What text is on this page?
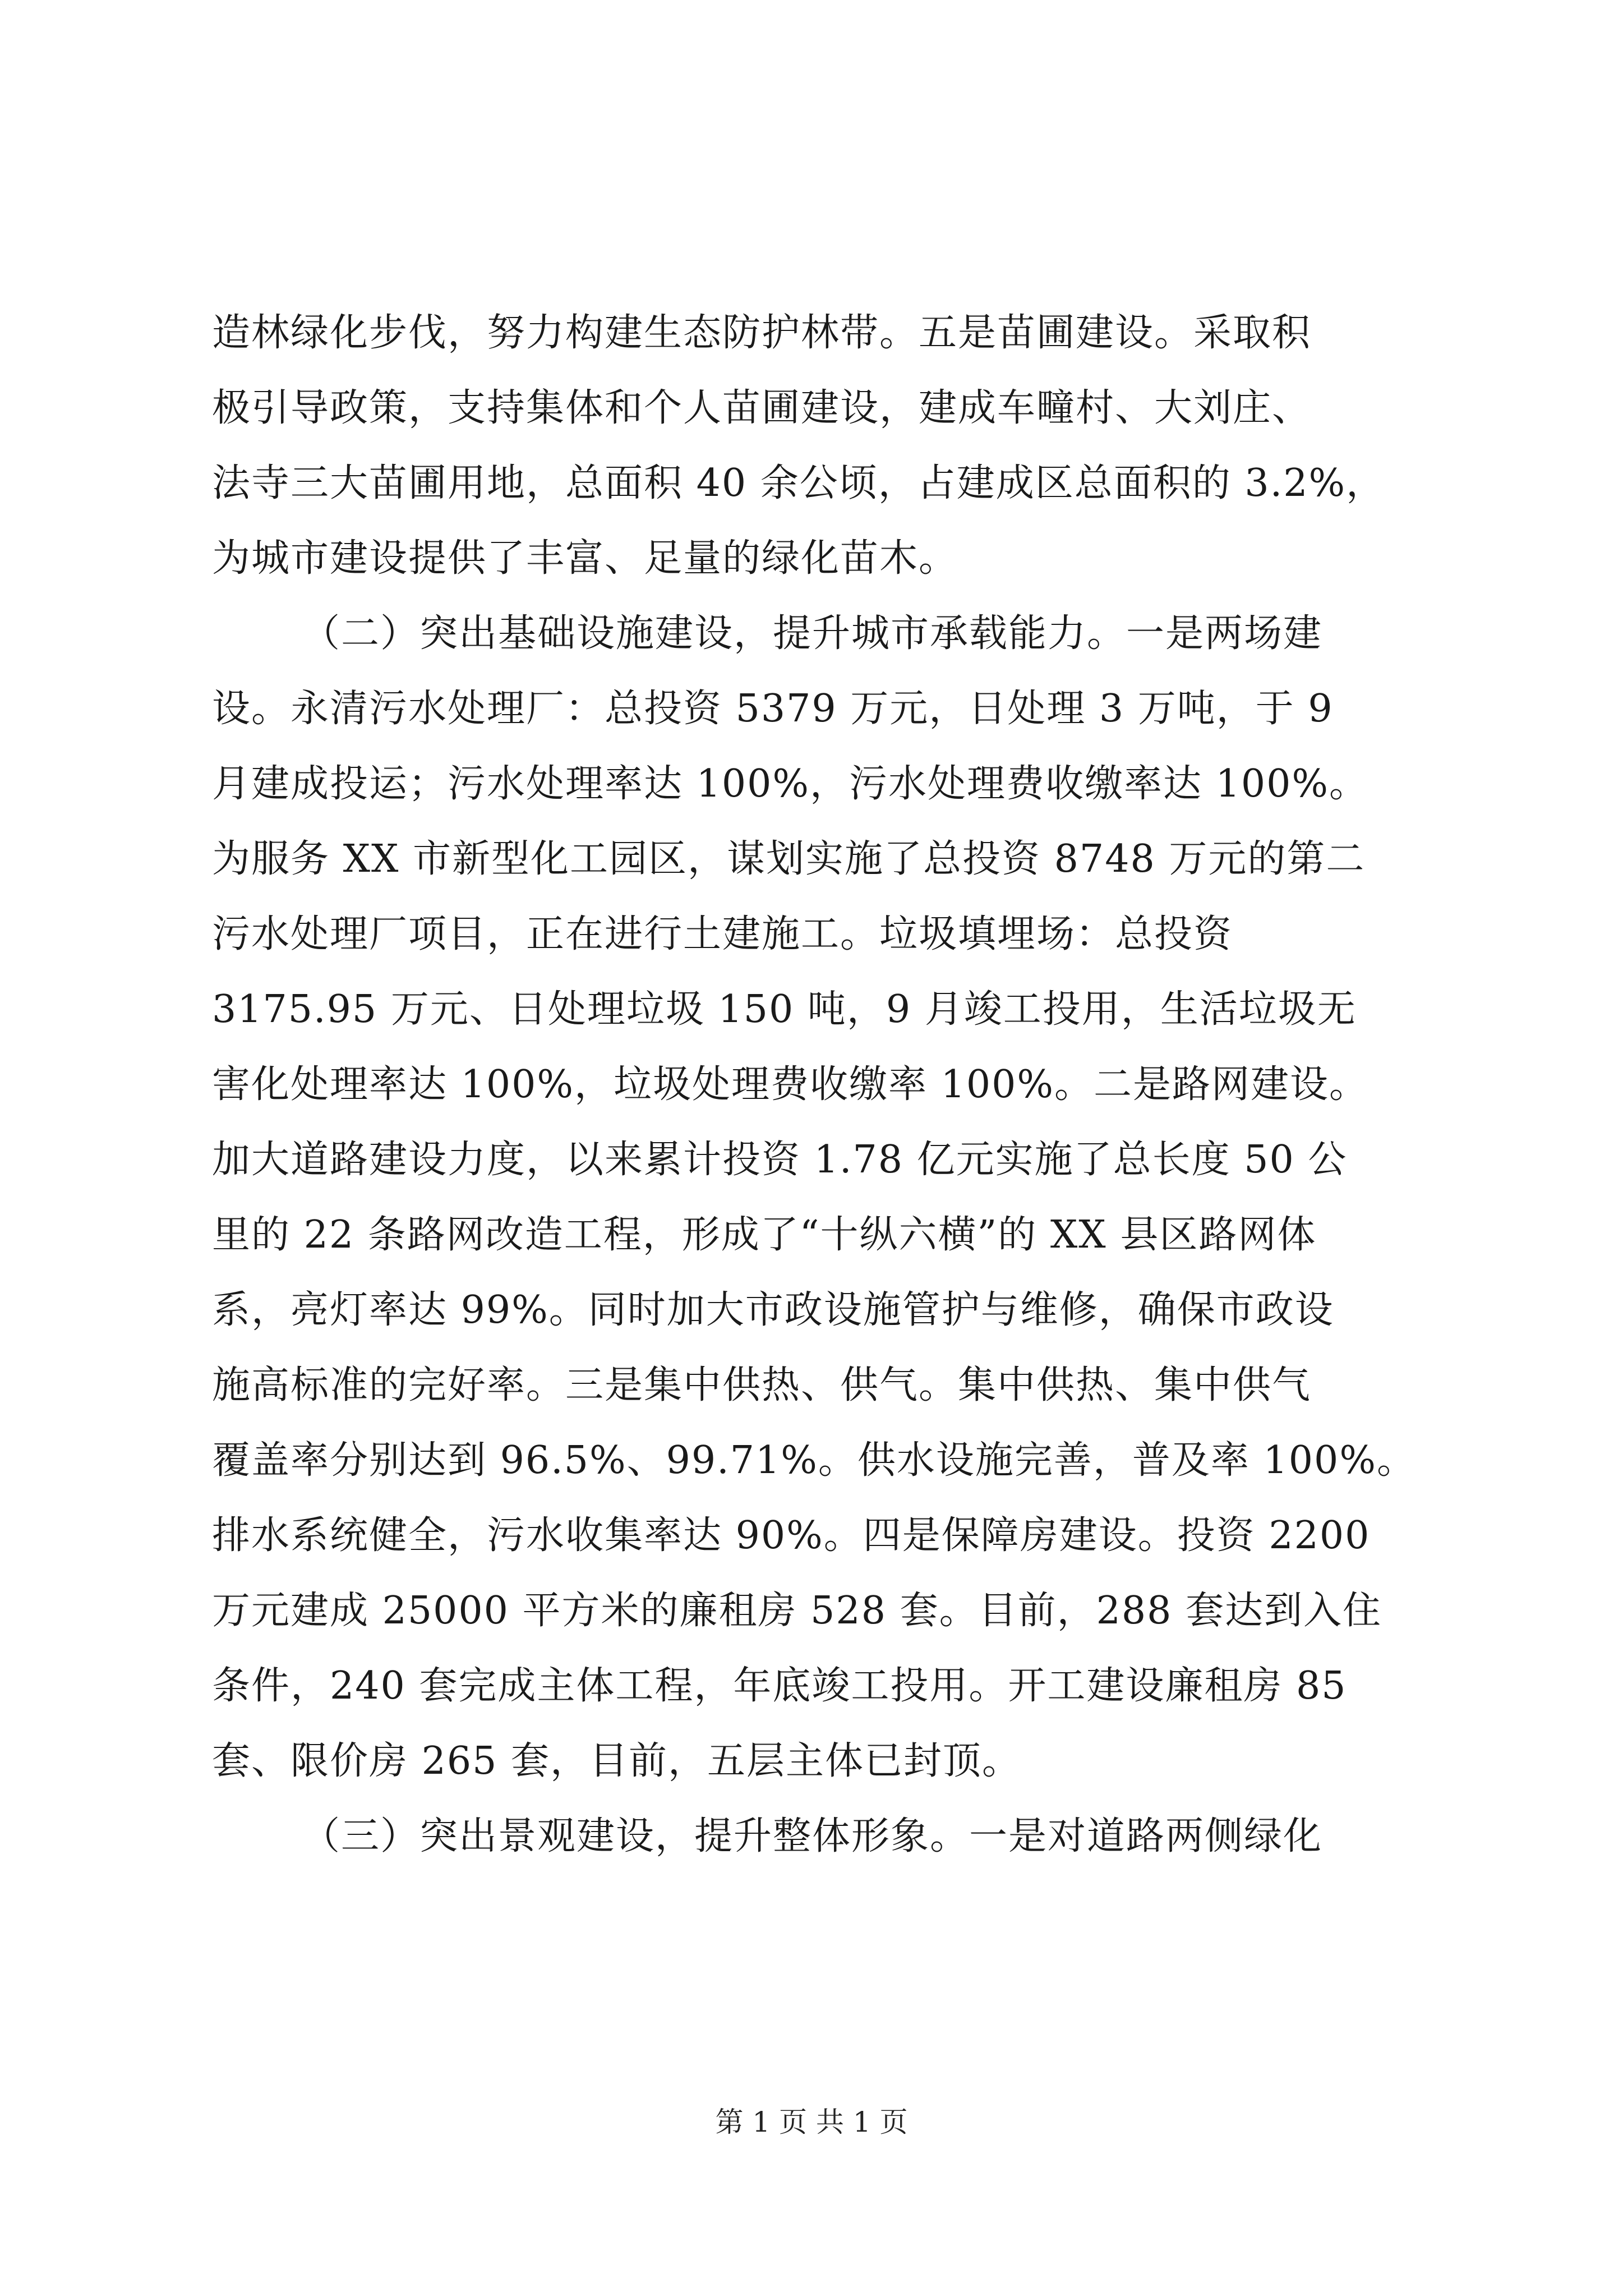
造林绿化步伐，努力构建生态防护林带。五是苗圃建设。采取积
极引导政策，支持集体和个人苗圃建设，建成车疃村、大刘庄、
法寺三大苗圃用地，总面积 40 余公顷，占建成区总面积的 3.2%，
为城市建设提供了丰富、足量的绿化苗木。
（二）突出基础设施建设，提升城市承载能力。一是两场建
设。永清污水处理厂：总投资 5379 万元，日处理 3 万吨，于 9
月建成投运；污水处理率达 100%，污水处理费收缴率达 100%。
为服务 XX 市新型化工园区，谋划实施了总投资 8748 万元的第二
污水处理厂项目，正在进行土建施工。垃圾填埋场：总投资
3175.95 万元、日处理垃圾 150 吨，9 月竣工投用，生活垃圾无
害化处理率达 100%，垃圾处理费收缴率 100%。二是路网建设。
加大道路建设力度，以来累计投资 1.78 亿元实施了总长度 50 公
里的 22 条路网改造工程，形成了“十纵六横”的 XX 县区路网体
系，亮灯率达 99%。同时加大市政设施管护与维修，确保市政设
施高标准的完好率。三是集中供热、供气。集中供热、集中供气
覆盖率分别达到 96.5%、99.71%。供水设施完善，普及率 100%。
排水系统健全，污水收集率达 90%。四是保障房建设。投资 2200
万元建成 25000 平方米的廉租房 528 套。目前，288 套达到入住
条件，240 套完成主体工程，年底竣工投用。开工建设廉租房 85
套、限价房 265 套，目前，五层主体已封顶。
（三）突出景观建设，提升整体形象。一是对道路两侧绿化
第 1 页 共 1 页
